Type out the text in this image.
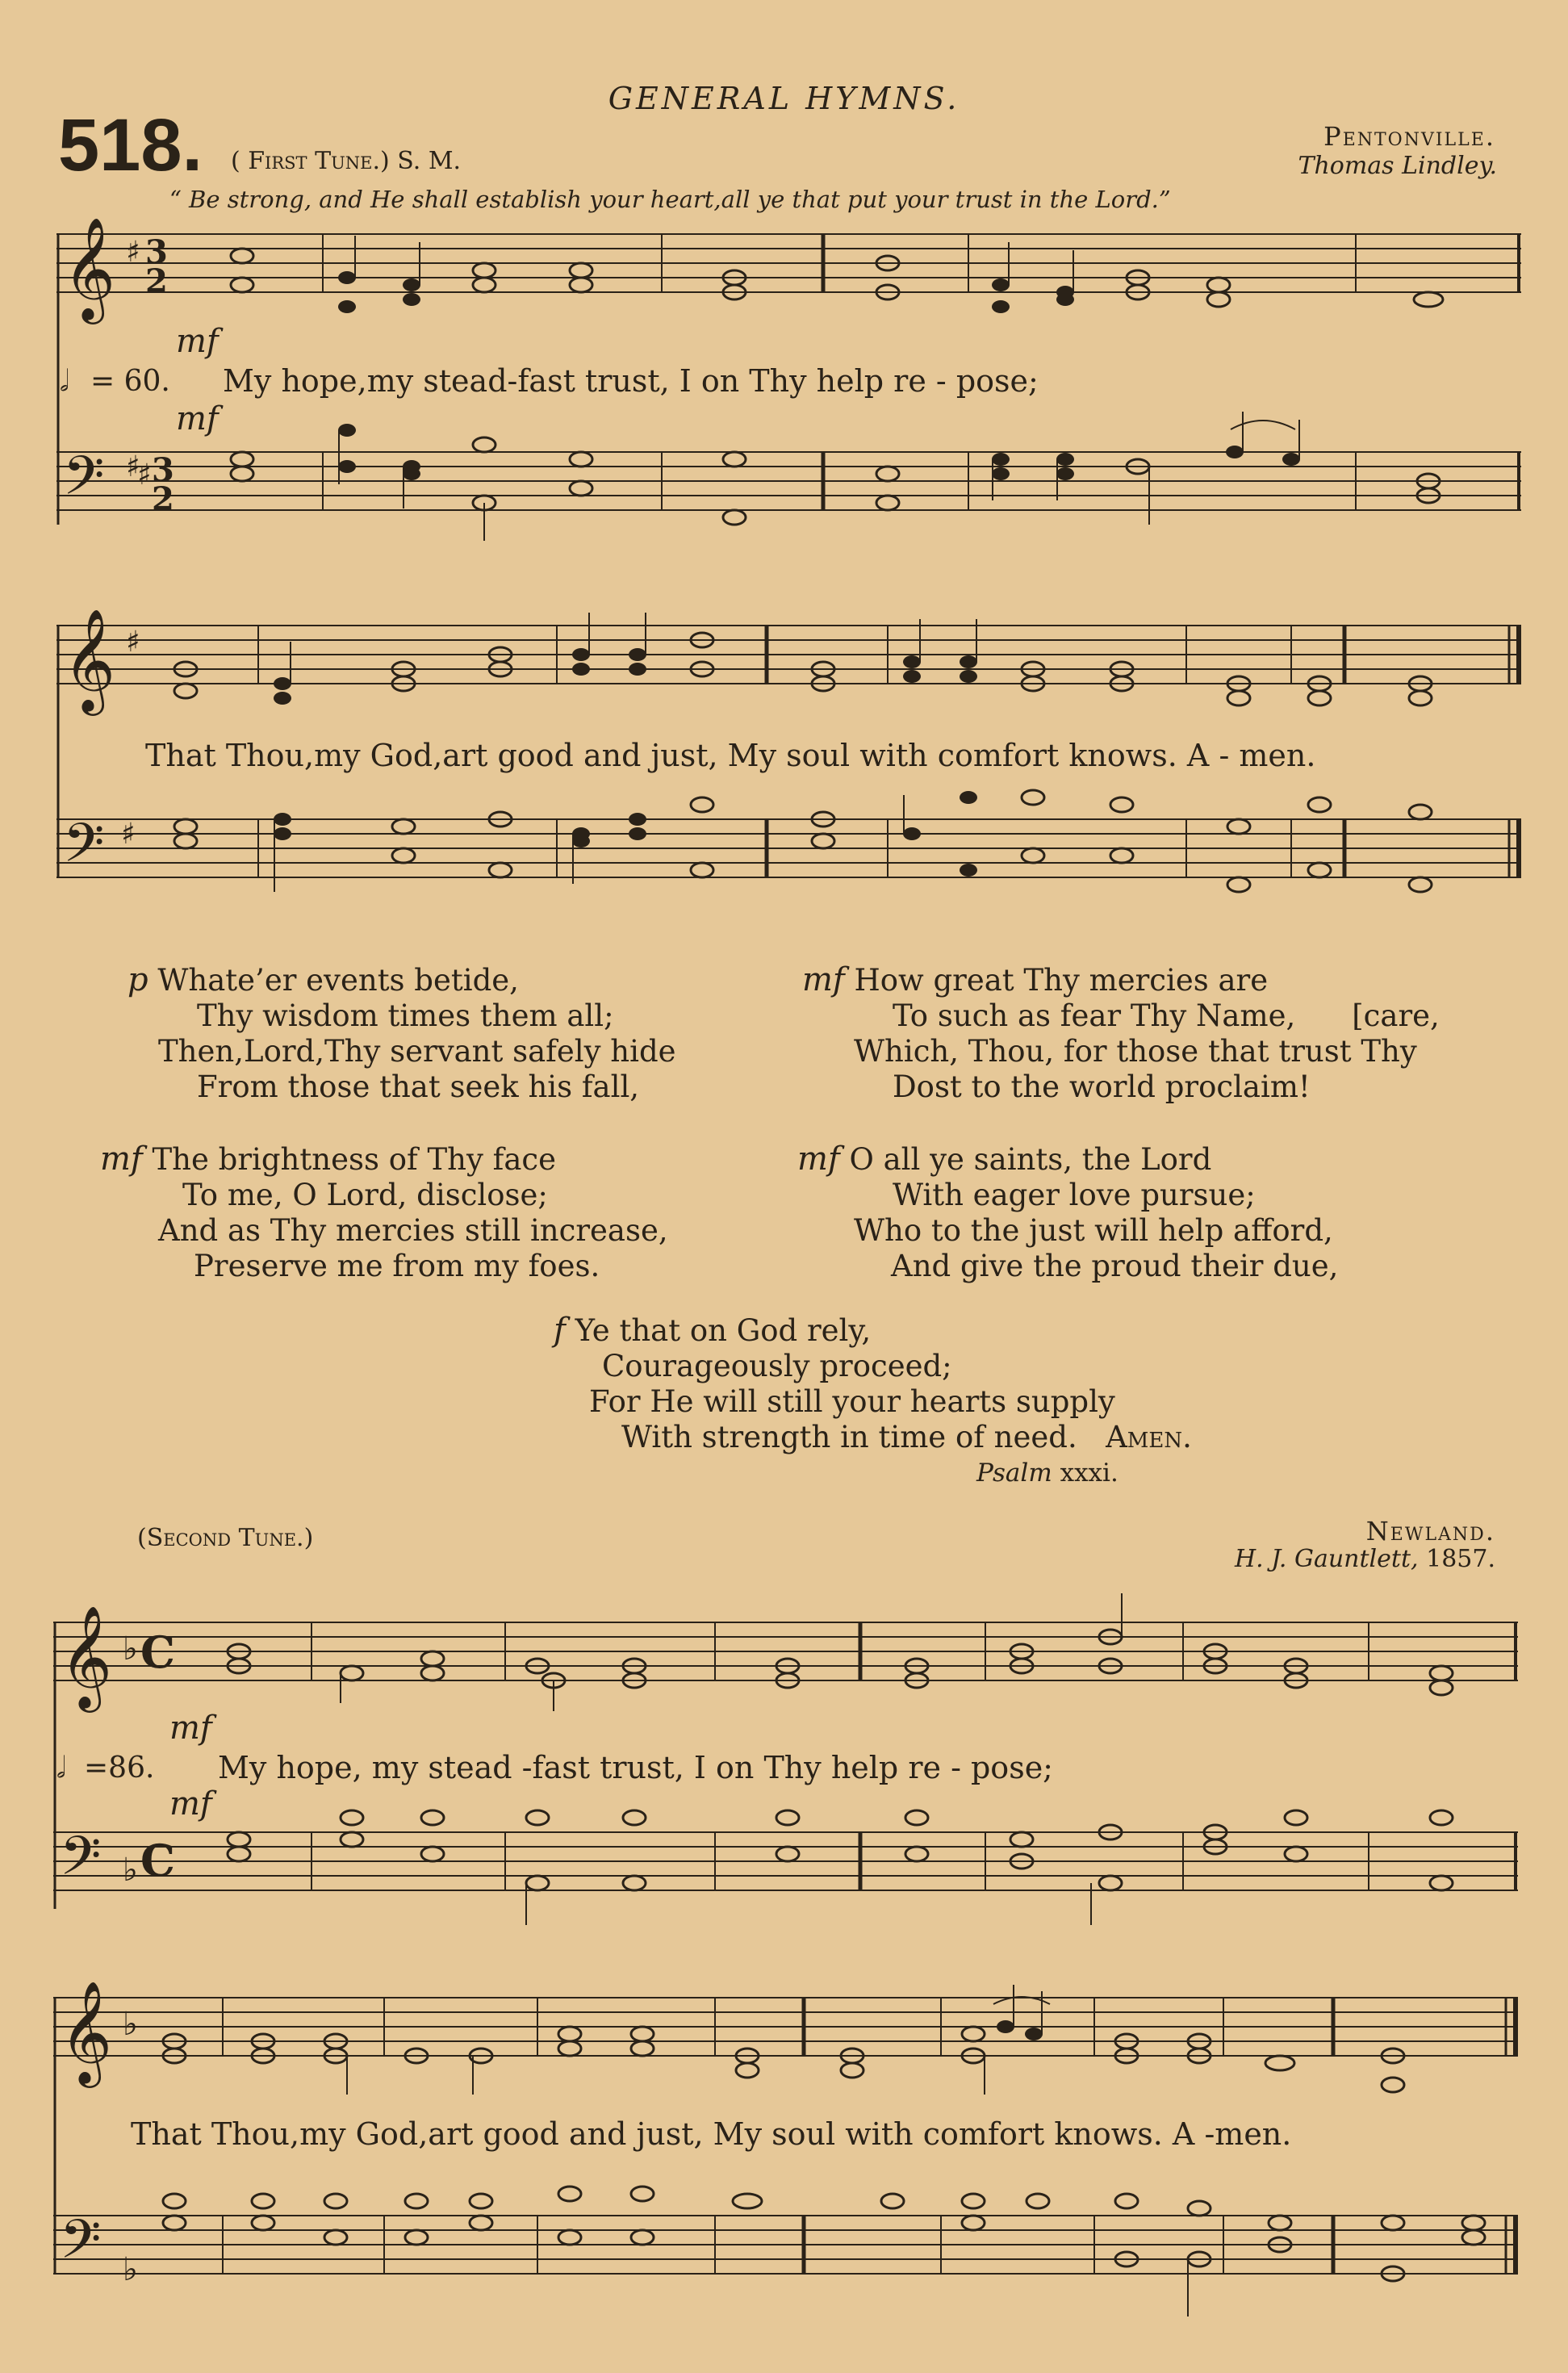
GENERAL HYMNS.
518. ( First Tune.) S. M.
Pentonville.
Thomas Lindley.
“ Be strong, and He shall establish your heart,all ye that put your trust in the Lord.”
𝄞
𝄢
♯
♯
♯
3
2
3
2
mf
𝅗𝅥 = 60. My hope,my stead-fast trust, I on Thy help re - pose;
mf
𝄞
𝄢
♯
♯
That Thou,my God,art good and just, My soul with comfort knows. A - men.
p Whate’er events betide,
Thy wisdom times them all;
Then,Lord,Thy servant safely hide
From those that seek his fall,
mf The brightness of Thy face
To me, O Lord, disclose;
And as Thy mercies still increase,
Preserve me from my foes.
mf How great Thy mercies are
To such as fear Thy Name, [care,
Which, Thou, for those that trust Thy
Dost to the world proclaim!
mf O all ye saints, the Lord
With eager love pursue;
Who to the just will help afford,
And give the proud their due,
f Ye that on God rely,
Courageously proceed;
For He will still your hearts supply
With strength in time of need. Amen.
Psalm xxxi.
(Second Tune.)	Newland.
H. J. Gauntlett, 1857.
𝄞
𝄢
♭
♭
C
C
mf
𝅗𝅥 =86. My hope, my stead -fast trust, I on Thy help re - pose;
mf
𝄞
𝄢
♭
♭
That Thou,my God,art good and just, My soul with comfort knows. A -men.
